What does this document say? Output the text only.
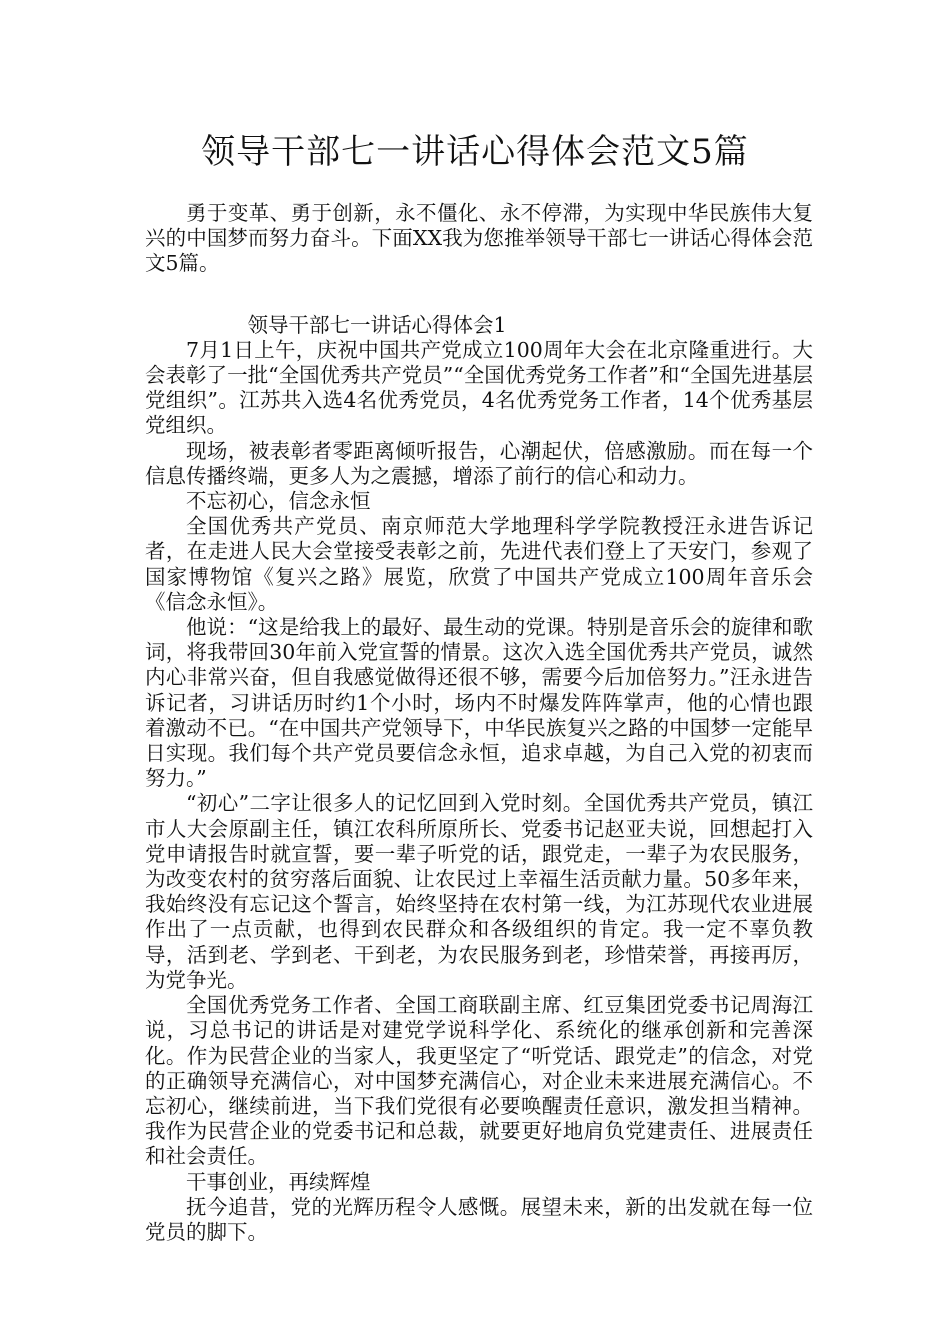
领导干部七一讲话心得体会范文5篇

勇于变革、勇于创新，永不僵化、永不停滞，为实现中华民族伟大复兴的中国梦而努力奋斗。下面XX我为您推举领导干部七一讲话心得体会范文5篇。

领导干部七一讲话心得体会1

7月1日上午，庆祝中国共产党成立100周年大会在北京隆重进行。大会表彰了一批“全国优秀共产党员”“全国优秀党务工作者”和“全国先进基层党组织”。江苏共入选4名优秀党员，4名优秀党务工作者，14个优秀基层党组织。

现场，被表彰者零距离倾听报告，心潮起伏，倍感激励。而在每一个信息传播终端，更多人为之震撼，增添了前行的信心和动力。

不忘初心，信念永恒

全国优秀共产党员、南京师范大学地理科学学院教授汪永进告诉记者，在走进人民大会堂接受表彰之前，先进代表们登上了天安门，参观了国家博物馆《复兴之路》展览，欣赏了中国共产党成立100周年音乐会《信念永恒》。

他说：“这是给我上的最好、最生动的党课。特别是音乐会的旋律和歌词，将我带回30年前入党宣誓的情景。这次入选全国优秀共产党员，诚然内心非常兴奋，但自我感觉做得还很不够，需要今后加倍努力。”汪永进告诉记者，习讲话历时约1个小时，场内不时爆发阵阵掌声，他的心情也跟着激动不已。“在中国共产党领导下，中华民族复兴之路的中国梦一定能早日实现。我们每个共产党员要信念永恒，追求卓越，为自己入党的初衷而努力。”

“初心”二字让很多人的记忆回到入党时刻。全国优秀共产党员，镇江市人大会原副主任，镇江农科所原所长、党委书记赵亚夫说，回想起打入党申请报告时就宣誓，要一辈子听党的话，跟党走，一辈子为农民服务，为改变农村的贫穷落后面貌、让农民过上幸福生活贡献力量。50多年来，我始终没有忘记这个誓言，始终坚持在农村第一线，为江苏现代农业进展作出了一点贡献，也得到农民群众和各级组织的肯定。我一定不辜负教导，活到老、学到老、干到老，为农民服务到老，珍惜荣誉，再接再厉，为党争光。

全国优秀党务工作者、全国工商联副主席、红豆集团党委书记周海江说，习总书记的讲话是对建党学说科学化、系统化的继承创新和完善深化。作为民营企业的当家人，我更坚定了“听党话、跟党走”的信念，对党的正确领导充满信心，对中国梦充满信心，对企业未来进展充满信心。不忘初心，继续前进，当下我们党很有必要唤醒责任意识，激发担当精神。我作为民营企业的党委书记和总裁，就要更好地肩负党建责任、进展责任和社会责任。

干事创业，再续辉煌

抚今追昔，党的光辉历程令人感慨。展望未来，新的出发就在每一位党员的脚下。
